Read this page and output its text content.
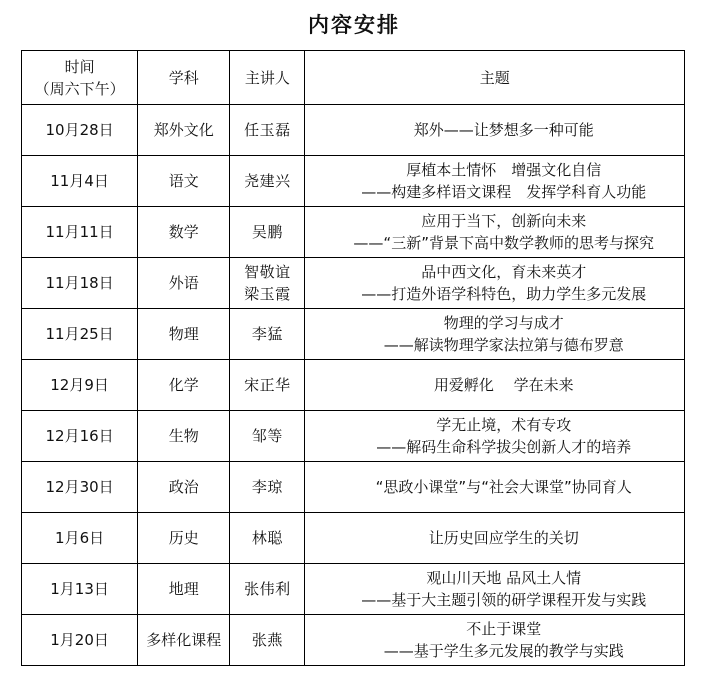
内容安排
时间
（周六下午）	学科	主讲人	主题
10月28日	郑外文化	任玉磊	郑外——让梦想多一种可能

11月4日	语文	尧建兴	厚植本土情怀　增强文化自信
——构建多样语文课程　发挥学科育人功能

11月11日	数学	吴鹏	应用于当下，创新向未来
——“三新”背景下高中数学教师的思考与探究

11月18日	外语	智敬谊
梁玉霞	品中西文化，育未来英才
——打造外语学科特色，助力学生多元发展

11月25日	物理	李猛	物理的学习与成才
——解读物理学家法拉第与德布罗意

12月9日	化学	宋正华	用爱孵化　 学在未来

12月16日	生物	邹等	学无止境，术有专攻
——解码生命科学拔尖创新人才的培养

12月30日	政治	李琼	“思政小课堂”与“社会大课堂”协同育人

1月6日	历史	林聪	让历史回应学生的关切

1月13日	地理	张伟利	观山川天地 品风土人情
——基于大主题引领的研学课程开发与实践

1月20日	多样化课程	张燕	不止于课堂
——基于学生多元发展的教学与实践
